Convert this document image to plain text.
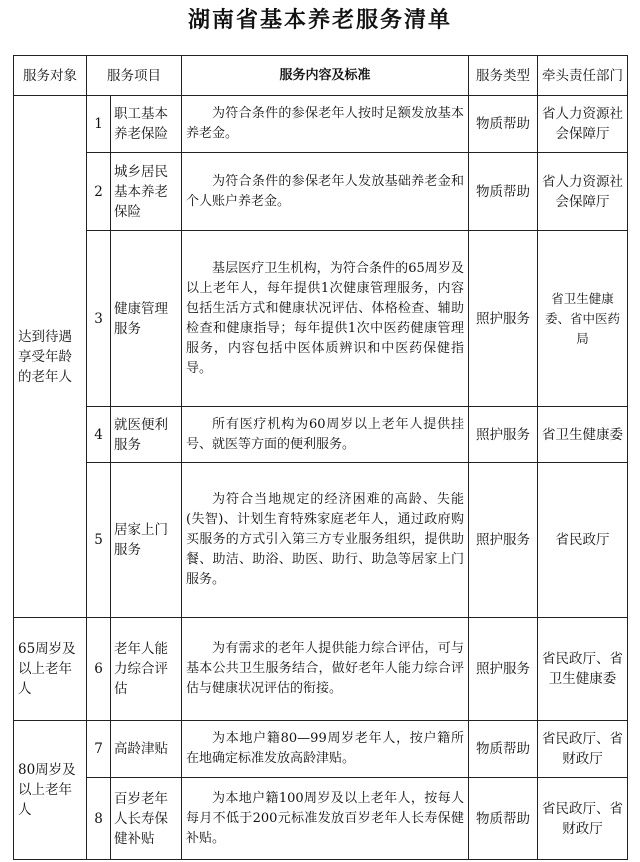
湖南省基本养老服务清单
服务对象	服务项目		服务内容及标准	服务类型	牵头责任部门
达到待遇享受年龄的老年人	1	职工基本养老保险	为符合条件的参保老年人按时足额发放基本养老金。	物质帮助	省人力资源社会保障厅
	2	城乡居民基本养老保险	为符合条件的参保老年人发放基础养老金和个人账户养老金。	物质帮助	省人力资源社会保障厅
	3	健康管理服务	基层医疗卫生机构，为符合条件的65周岁及以上老年人，每年提供1次健康管理服务，内容包括生活方式和健康状况评估、体格检查、辅助检查和健康指导；每年提供1次中医药健康管理服务，内容包括中医体质辨识和中医药保健指导。	照护服务	省卫生健康委、省中医药局
	4	就医便利服务	所有医疗机构为60周岁以上老年人提供挂号、就医等方面的便利服务。	照护服务	省卫生健康委
	5	居家上门服务	为符合当地规定的经济困难的高龄、失能(失智)、计划生育特殊家庭老年人，通过政府购买服务的方式引入第三方专业服务组织，提供助餐、助洁、助浴、助医、助行、助急等居家上门服务。	照护服务	省民政厅
65周岁及以上老年人	6	老年人能力综合评估	为有需求的老年人提供能力综合评估，可与基本公共卫生服务结合，做好老年人能力综合评估与健康状况评估的衔接。	照护服务	省民政厅、省卫生健康委
80周岁及以上老年人	7	高龄津贴	为本地户籍80—99周岁老年人，按户籍所在地确定标准发放高龄津贴。	物质帮助	省民政厅、省财政厅
	8	百岁老年人长寿保健补贴	为本地户籍100周岁及以上老年人，按每人每月不低于200元标准发放百岁老年人长寿保健补贴。	物质帮助	省民政厅、省财政厅
